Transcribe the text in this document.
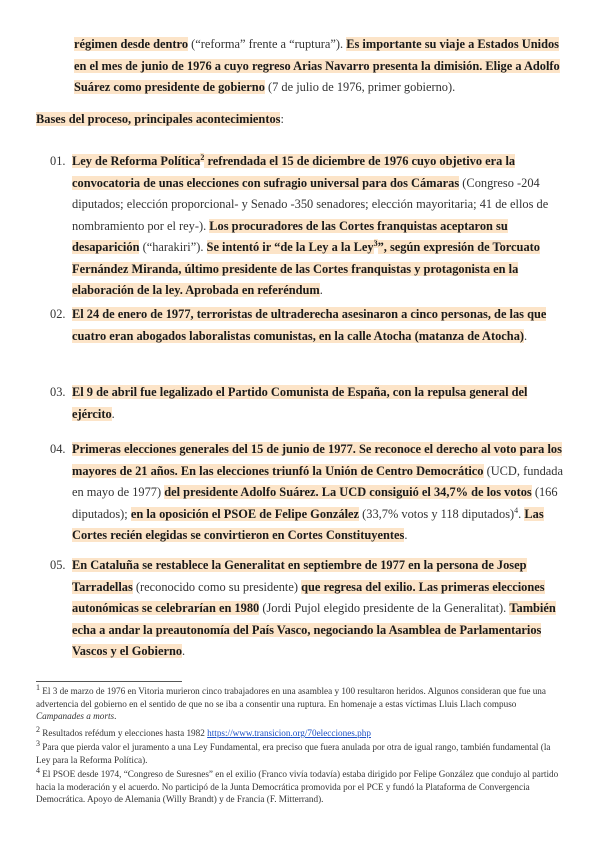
régimen desde dentro (“reforma” frente a “ruptura”). Es importante su viaje a Estados Unidos en el mes de junio de 1976 a cuyo regreso Arias Navarro presenta la dimisión. Elige a Adolfo Suárez como presidente de gobierno (7 de julio de 1976, primer gobierno).

Bases del proceso, principales acontecimientos:

01. Ley de Reforma Política$^2$ refrendada el 15 de diciembre de 1976 cuyo objetivo era la convocatoria de unas elecciones con sufragio universal para dos Cámaras (Congreso -204 diputados; elección proporcional- y Senado -350 senadores; elección mayoritaria; 41 de ellos de nombramiento por el rey-). Los procuradores de las Cortes franquistas aceptaron su desaparición (“harakiri”). Se intentó ir “de la Ley a la Ley$^3$”, según expresión de Torcuato Fernández Miranda, último presidente de las Cortes franquistas y protagonista en la elaboración de la ley. Aprobada en referéndum.
02. El 24 de enero de 1977, terroristas de ultraderecha asesinaron a cinco personas, de las que cuatro eran abogados laboralistas comunistas, en la calle Atocha (matanza de Atocha).
03. El 9 de abril fue legalizado el Partido Comunista de España, con la repulsa general del ejército.
04. Primeras elecciones generales del 15 de junio de 1977. Se reconoce el derecho al voto para los mayores de 21 años. En las elecciones triunfó la Unión de Centro Democrático (UCD, fundada en mayo de 1977) del presidente Adolfo Suárez. La UCD consiguió el 34,7% de los votos (166 diputados); en la oposición el PSOE de Felipe González (33,7% votos y 118 diputados)$^4$. Las Cortes recién elegidas se convirtieron en Cortes Constituyentes.
05. En Cataluña se restablece la Generalitat en septiembre de 1977 en la persona de Josep Tarradellas (reconocido como su presidente) que regresa del exilio. Las primeras elecciones autonómicas se celebrarían en 1980 (Jordi Pujol elegido presidente de la Generalitat). También echa a andar la preautonomía del País Vasco, negociando la Asamblea de Parlamentarios Vascos y el Gobierno.

$^1$ El 3 de marzo de 1976 en Vitoria murieron cinco trabajadores en una asamblea y 100 resultaron heridos. Algunos consideran que fue una advertencia del gobierno en el sentido de que no se iba a consentir una ruptura. En homenaje a estas víctimas Lluis Llach compuso Campanades a morts.

$^2$ Resultados refédum y elecciones hasta 1982 https://www.transicion.org/70elecciones.php

$^3$ Para que pierda valor el juramento a una Ley Fundamental, era preciso que fuera anulada por otra de igual rango, también fundamental (la Ley para la Reforma Política).

$^4$ El PSOE desde 1974, “Congreso de Suresnes” en el exilio (Franco vivía todavía) estaba dirigido por Felipe González que condujo al partido hacia la moderación y el acuerdo. No participó de la Junta Democrática promovida por el PCE y fundó la Plataforma de Convergencia Democrática. Apoyo de Alemania (Willy Brandt) y de Francia (F. Mitterrand).
